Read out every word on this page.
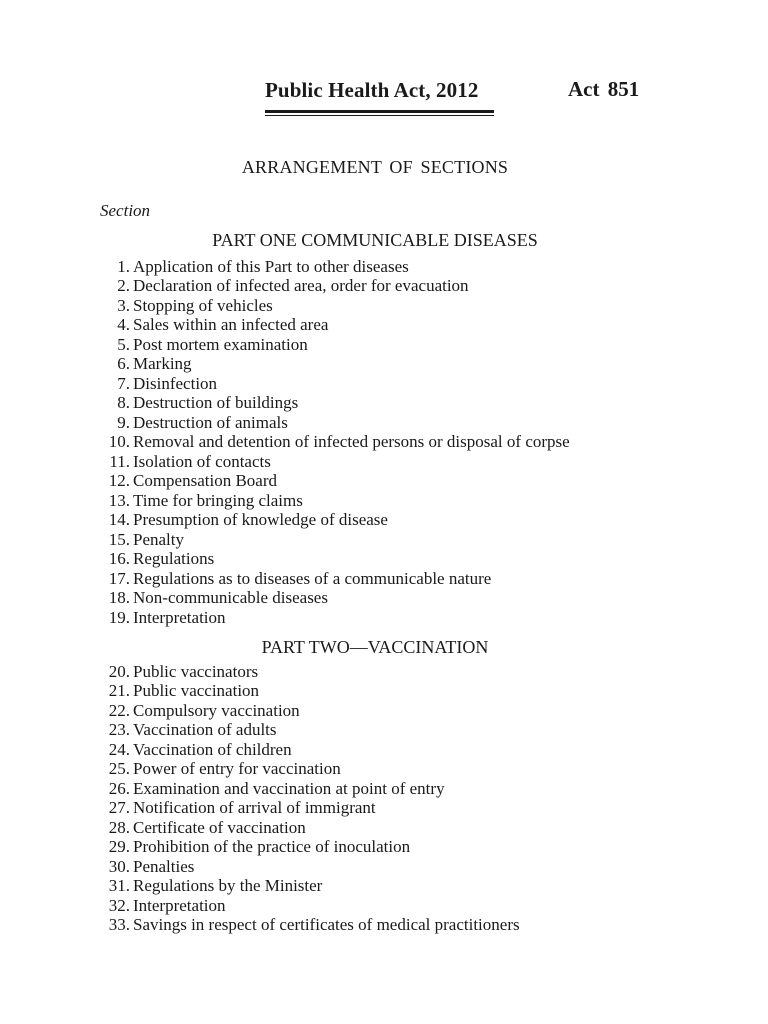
Public Health Act, 2012	Act 851
ARRANGEMENT OF SECTIONS
Section
PART ONE COMMUNICABLE DISEASES
1. Application of this Part to other diseases
2. Declaration of infected area, order for evacuation
3. Stopping of vehicles
4. Sales within an infected area
5. Post mortem examination
6. Marking
7. Disinfection
8. Destruction of buildings
9. Destruction of animals
10. Removal and detention of infected persons or disposal of corpse
11. Isolation of contacts
12. Compensation Board
13. Time for bringing claims
14. Presumption of knowledge of disease
15. Penalty
16. Regulations
17. Regulations as to diseases of a communicable nature
18. Non-communicable diseases
19. Interpretation
PART TWO—VACCINATION
20. Public vaccinators
21. Public vaccination
22. Compulsory vaccination
23. Vaccination of adults
24. Vaccination of children
25. Power of entry for vaccination
26. Examination and vaccination at point of entry
27. Notification of arrival of immigrant
28. Certificate of vaccination
29. Prohibition of the practice of inoculation
30. Penalties
31. Regulations by the Minister
32. Interpretation
33. Savings in respect of certificates of medical practitioners
